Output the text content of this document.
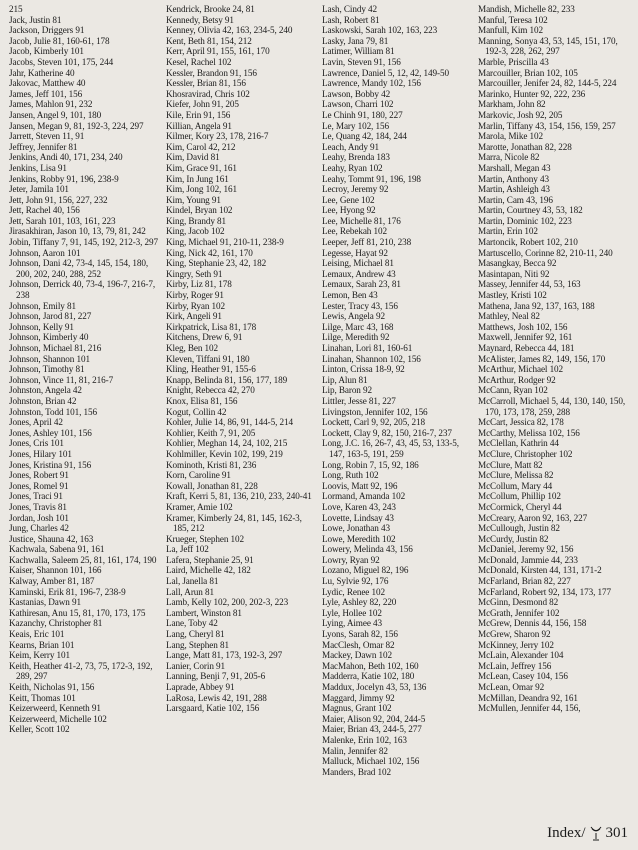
215
Jack, Justin 81
Jackson, Driggers 91
Jacob, Julie 81, 160-61, 178
Jacob, Kimberly 101
Jacobs, Steven 101, 175, 244
Jahr, Katherine 40
Jakovac, Matthew 40
James, Jeff 101, 156
James, Mahlon 91, 232
Jansen, Angel 9, 101, 180
Jansen, Megan 9, 81, 192-3, 224, 297
Jarrett, Steven 11, 91
Jeffrey, Jennifer 81
Jenkins, Andi 40, 171, 234, 240
Jenkins, Lisa 91
Jenkins, Robby 91, 196, 238-9
Jeter, Jamila 101
Jett, John 91, 156, 227, 232
Jett, Rachel 40, 156
Jett, Sarah 101, 103, 161, 223
Jirasakhiran, Jason 10, 13, 79, 81, 242
Jobin, Tiffany 7, 91, 145, 192, 212-3, 297
Johnson, Aaron 101
Johnson, Dani 42, 73-4, 145, 154, 180, 200, 202, 240, 288, 252
Johnson, Derrick 40, 73-4, 196-7, 216-7, 238
Johnson, Emily 81
Johnson, Jarod 81, 227
Johnson, Kelly 91
Johnson, Kimberly 40
Johnson, Michael 81, 216
Johnson, Shannon 101
Johnson, Timothy 81
Johnson, Vince 11, 81, 216-7
Johnston, Angela 42
Johnston, Brian 42
Johnston, Todd 101, 156
Jones, April 42
Jones, Ashley 101, 156
Jones, Cris 101
Jones, Hilary 101
Jones, Kristina 91, 156
Jones, Robert 91
Jones, Romel 91
Jones, Traci 91
Jones, Travis 81
Jordan, Josh 101
Jung, Charles 42
Justice, Shauna 42, 163
Kachwala, Sabena 91, 161
Kachwalla, Saleem 25, 81, 161, 174, 190
Kaiser, Shannon 101, 166
Kalway, Amber 81, 187
Kaminski, Erik 81, 196-7, 238-9
Kastanias, Dawn 91
Kathiresan, Anu 15, 81, 170, 173, 175
Kazanchy, Christopher 81
Keais, Eric 101
Kearns, Brian 101
Keim, Kerry 101
Keith, Heather 41-2, 73, 75, 172-3, 192, 289, 297
Keith, Nicholas 91, 156
Keitt, Thomas 101
Keizerweerd, Kenneth 91
Keizerweerd, Michelle 102
Keller, Scott 102
Kendrick, Brooke 24, 81
Kennedy, Betsy 91
Kenney, Olivia 42, 163, 234-5, 240
Kent, Beth 81, 154, 212
Kerr, April 91, 155, 161, 170
Kesel, Rachel 102
Kessler, Brandon 91, 156
Kessler, Brian 81, 156
Khosravirad, Chris 102
Kiefer, John 91, 205
Kile, Erin 91, 156
Killian, Angela 91
Kilmer, Kory 23, 178, 216-7
Kim, Carol 42, 212
Kim, David 81
Kim, Grace 91, 161
Kim, In Jung 161
Kim, Jong 102, 161
Kim, Young 91
Kindel, Bryan 102
King, Brandy 81
King, Jacob 102
King, Michael 91, 210-11, 238-9
King, Nick 42, 161, 170
King, Stephanie 23, 42, 182
Kingry, Seth 91
Kirby, Liz 81, 178
Kirby, Roger 91
Kirby, Ryan 102
Kirk, Angeli 91
Kirkpatrick, Lisa 81, 178
Kitchens, Drew 6, 91
Kleg, Ben 102
Kleven, Tiffani 91, 180
Kling, Heather 91, 155-6
Knapp, Belinda 81, 156, 177, 189
Knight, Rebecca 42, 270
Knox, Elisa 81, 156
Kogut, Collin 42
Kohler, Julie 14, 86, 91, 144-5, 214
Kohlier, Keith 7, 91, 205
Kohlier, Meghan 14, 24, 102, 215
Kohlmiller, Kevin 102, 199, 219
Kominoth, Kristi 81, 236
Korn, Caroline 91
Kowall, Jonathan 81, 228
Kraft, Kerri 5, 81, 136, 210, 233, 240-41
Kramer, Amie 102
Kramer, Kimberly 24, 81, 145, 162-3, 185, 212
Krueger, Stephen 102
La, Jeff 102
Lafera, Stephanie 25, 91
Laird, Michelle 42, 182
Lal, Janella 81
Lall, Arun 81
Lamb, Kelly 102, 200, 202-3, 223
Lambert, Winston 81
Lane, Toby 42
Lang, Cheryl 81
Lang, Stephen 81
Lange, Matt 81, 173, 192-3, 297
Lanier, Corin 91
Lanning, Benji 7, 91, 205-6
Laprade, Abbey 91
LaRosa, Lewis 42, 191, 288
Larsgaard, Katie 102, 156
Lash, Cindy 42
Lash, Robert 81
Laskowski, Sarah 102, 163, 223
Lasky, Jana 79, 81
Latimer, William 81
Lavin, Steven 91, 156
Lawrence, Daniel 5, 12, 42, 149-50
Lawrence, Mandy 102, 156
Lawson, Bobby 42
Lawson, Charri 102
Le Chinh 91, 180, 227
Le, Mary 102, 156
Le, Quang 42, 184, 244
Leach, Andy 91
Leahy, Brenda 183
Leahy, Ryan 102
Leahy, Tommt 91, 196, 198
Lecroy, Jeremy 92
Lee, Gene 102
Lee, Hyong 92
Lee, Michelle 81, 176
Lee, Rebekah 102
Leeper, Jeff 81, 210, 238
Legesse, Hayat 92
Leising, Michael 81
Lemaux, Andrew 43
Lemaux, Sarah 23, 81
Lemon, Ben 43
Lester, Tracy 43, 156
Lewis, Angela 92
Lilge, Marc 43, 168
Lilge, Meredith 92
Linahan, Lori 81, 160-61
Linahan, Shannon 102, 156
Linton, Crissa 18-9, 92
Lip, Alun 81
Lip, Baron 92
Littler, Jesse 81, 227
Livingston, Jennifer 102, 156
Lockett, Carl 9, 92, 205, 218
Lockett, Clay 9, 82, 150, 216-7, 237
Long, J.C. 16, 26-7, 43, 45, 53, 133-5, 147, 163-5, 191, 259
Long, Robin 7, 15, 92, 186
Long, Ruth 102
Loovis, Matt 92, 196
Lormand, Amanda 102
Love, Karen 43, 243
Lovette, Lindsay 43
Lowe, Jonathan 43
Lowe, Meredith 102
Lowery, Melinda 43, 156
Lowry, Ryan 92
Lozano, Miguel 82, 196
Lu, Sylvie 92, 176
Lydic, Renee 102
Lyle, Ashley 82, 220
Lyle, Hollee 102
Lying, Aimee 43
Lyons, Sarah 82, 156
MacClesh, Omar 82
Mackey, Dawn 102
MacMahon, Beth 102, 160
Madderra, Katie 102, 180
Maddux, Jocelyn 43, 53, 136
Maggard, Jimmy 92
Magnus, Grant 102
Maier, Alison 92, 204, 244-5
Maier, Brian 43, 244-5, 277
Malenke, Erin 102, 163
Malin, Jennifer 82
Malluck, Michael 102, 156
Manders, Brad 102
Mandish, Michelle 82, 233
Manful, Teresa 102
Manfull, Kim 102
Manning, Sonya 43, 53, 145, 151, 170, 192-3, 228, 262, 297
Marble, Priscilla 43
Marcouiller, Brian 102, 105
Marcouiller, Jenifer 24, 82, 144-5, 224
Marinko, Hunter 92, 222, 236
Markham, John 82
Markovic, Josh 92, 205
Marlin, Tiffany 43, 154, 156, 159, 257
Marola, Mike 102
Marotte, Jonathan 82, 228
Marra, Nicole 82
Marshall, Megan 43
Martin, Anthony 43
Martin, Ashleigh 43
Martin, Cam 43, 196
Martin, Courtney 43, 53, 182
Martin, Dominic 102, 223
Martin, Erin 102
Martoncik, Robert 102, 210
Martuscello, Corinne 82, 210-11, 240
Masangkay, Becca 92
Masintapan, Niti 92
Massey, Jennifer 44, 53, 163
Mastley, Kristi 102
Mathena, Jana 92, 137, 163, 188
Mathley, Neal 82
Matthews, Josh 102, 156
Maxwell, Jennifer 92, 161
Maynard, Rebecca 44, 181
McAlister, James 82, 149, 156, 170
McArthur, Michael 102
McArthur, Rodger 92
McCann, Ryan 102
McCarroll, Michael 5, 44, 130, 140, 150, 170, 173, 178, 259, 288
McCart, Jessica 82, 178
McCarthy, Melissa 102, 156
McClellan, Kathrin 44
McClure, Christopher 102
McClure, Matt 82
McClure, Melissa 82
McCollum, Mary 44
McCollum, Phillip 102
McCormick, Cheryl 44
McCreary, Aaron 92, 163, 227
McCullough, Justin 82
McCurdy, Justin 82
McDaniel, Jeremy 92, 156
McDonald, Jammie 44, 233
McDonald, Kirsten 44, 131, 171-2
McFarland, Brian 82, 227
McFarland, Robert 92, 134, 173, 177
McGinn, Desmond 82
McGrath, Jennifer 102
McGrew, Dennis 44, 156, 158
McGrew, Sharon 92
McKinney, Jerry 102
McLain, Alexander 104
McLain, Jeffrey 156
McLean, Casey 104, 156
McLean, Omar 92
McMillan, Deandra 92, 161
McMullen, Jennifer 44, 156,
Index/ 301
